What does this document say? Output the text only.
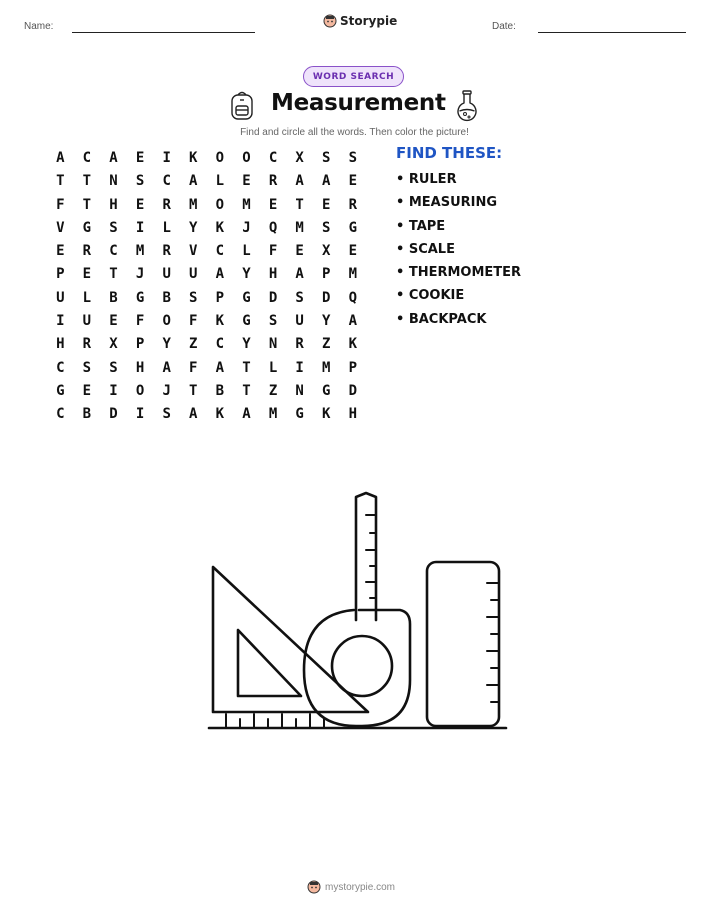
Name:	Storypie	Date:
WORD SEARCH
Measurement
Find and circle all the words. Then color the picture!
A	C	A	E	I	K	O	O	C	X	S	S
T	T	N	S	C	A	L	E	R	A	A	E
F	T	H	E	R	M	O	M	E	T	E	R
V	G	S	I	L	Y	K	J	Q	M	S	G
E	R	C	M	R	V	C	L	F	E	X	E
P	E	T	J	U	U	A	Y	H	A	P	M
U	L	B	G	B	S	P	G	D	S	D	Q
I	U	E	F	O	F	K	G	S	U	Y	A
H	R	X	P	Y	Z	C	Y	N	R	Z	K
C	S	S	H	A	F	A	T	L	I	M	P
G	E	I	O	J	T	B	T	Z	N	G	D
C	B	D	I	S	A	K	A	M	G	K	H
FIND THESE:
• RULER
• MEASURING
• TAPE
• SCALE
• THERMOMETER
• COOKIE
• BACKPACK
mystorypie.com
